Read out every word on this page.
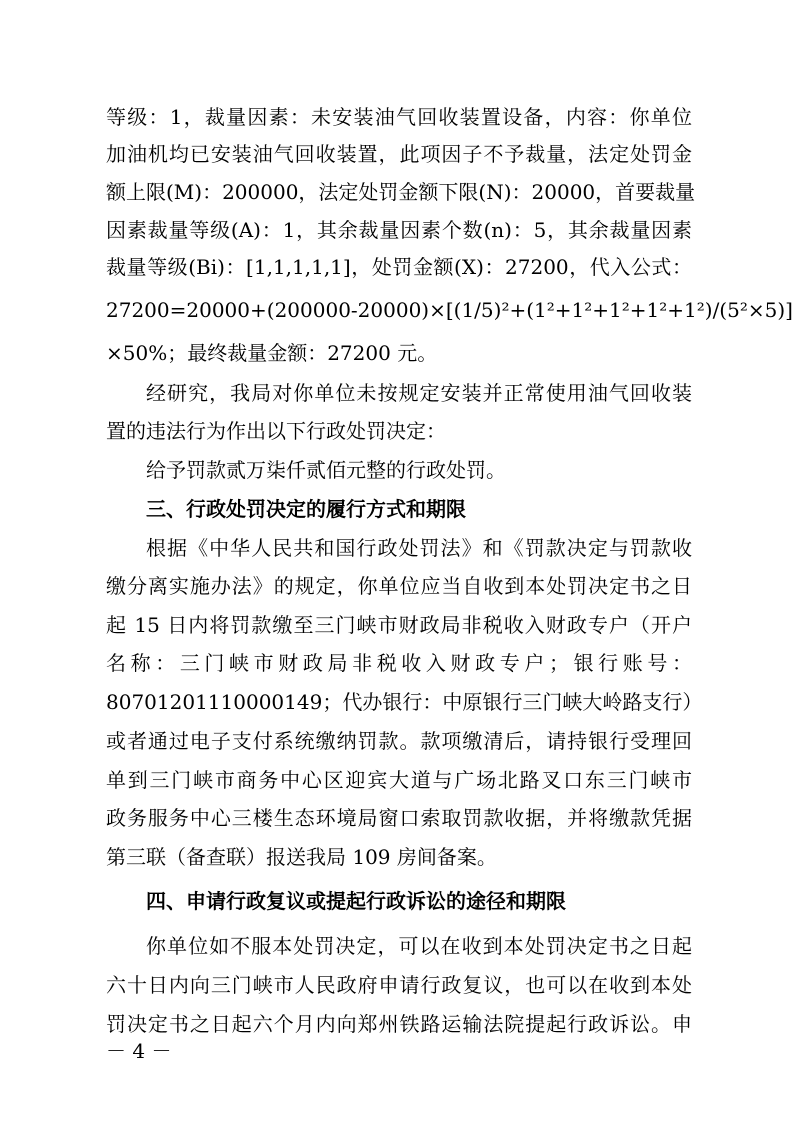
等级：1，裁量因素：未安装油气回收装置设备，内容：你单位
加油机均已安装油气回收装置，此项因子不予裁量，法定处罚金
额上限(M)：200000，法定处罚金额下限(N)：20000，首要裁量
因素裁量等级(A)：1，其余裁量因素个数(n)：5，其余裁量因素
裁量等级(Bi)：[1,1,1,1,1]，处罚金额(X)：27200，代入公式：
27200=20000+(200000-20000)×[(1/5)²+(1²+1²+1²+1²+1²)/(5²×5)]
×50%；最终裁量金额：27200 元。
经研究，我局对你单位未按规定安装并正常使用油气回收装
置的违法行为作出以下行政处罚决定：
给予罚款贰万柒仟贰佰元整的行政处罚。
三、行政处罚决定的履行方式和期限
根据《中华人民共和国行政处罚法》和《罚款决定与罚款收
缴分离实施办法》的规定，你单位应当自收到本处罚决定书之日
起 15 日内将罚款缴至三门峡市财政局非税收入财政专户（开户
名称：三门峡市财政局非税收入财政专户；银行账号：
80701201110000149；代办银行：中原银行三门峡大岭路支行）
或者通过电子支付系统缴纳罚款。款项缴清后，请持银行受理回
单到三门峡市商务中心区迎宾大道与广场北路叉口东三门峡市
政务服务中心三楼生态环境局窗口索取罚款收据，并将缴款凭据
第三联（备查联）报送我局 109 房间备案。
四、申请行政复议或提起行政诉讼的途径和期限
你单位如不服本处罚决定，可以在收到本处罚决定书之日起
六十日内向三门峡市人民政府申请行政复议，也可以在收到本处
罚决定书之日起六个月内向郑州铁路运输法院提起行政诉讼。申
－ 4 －
